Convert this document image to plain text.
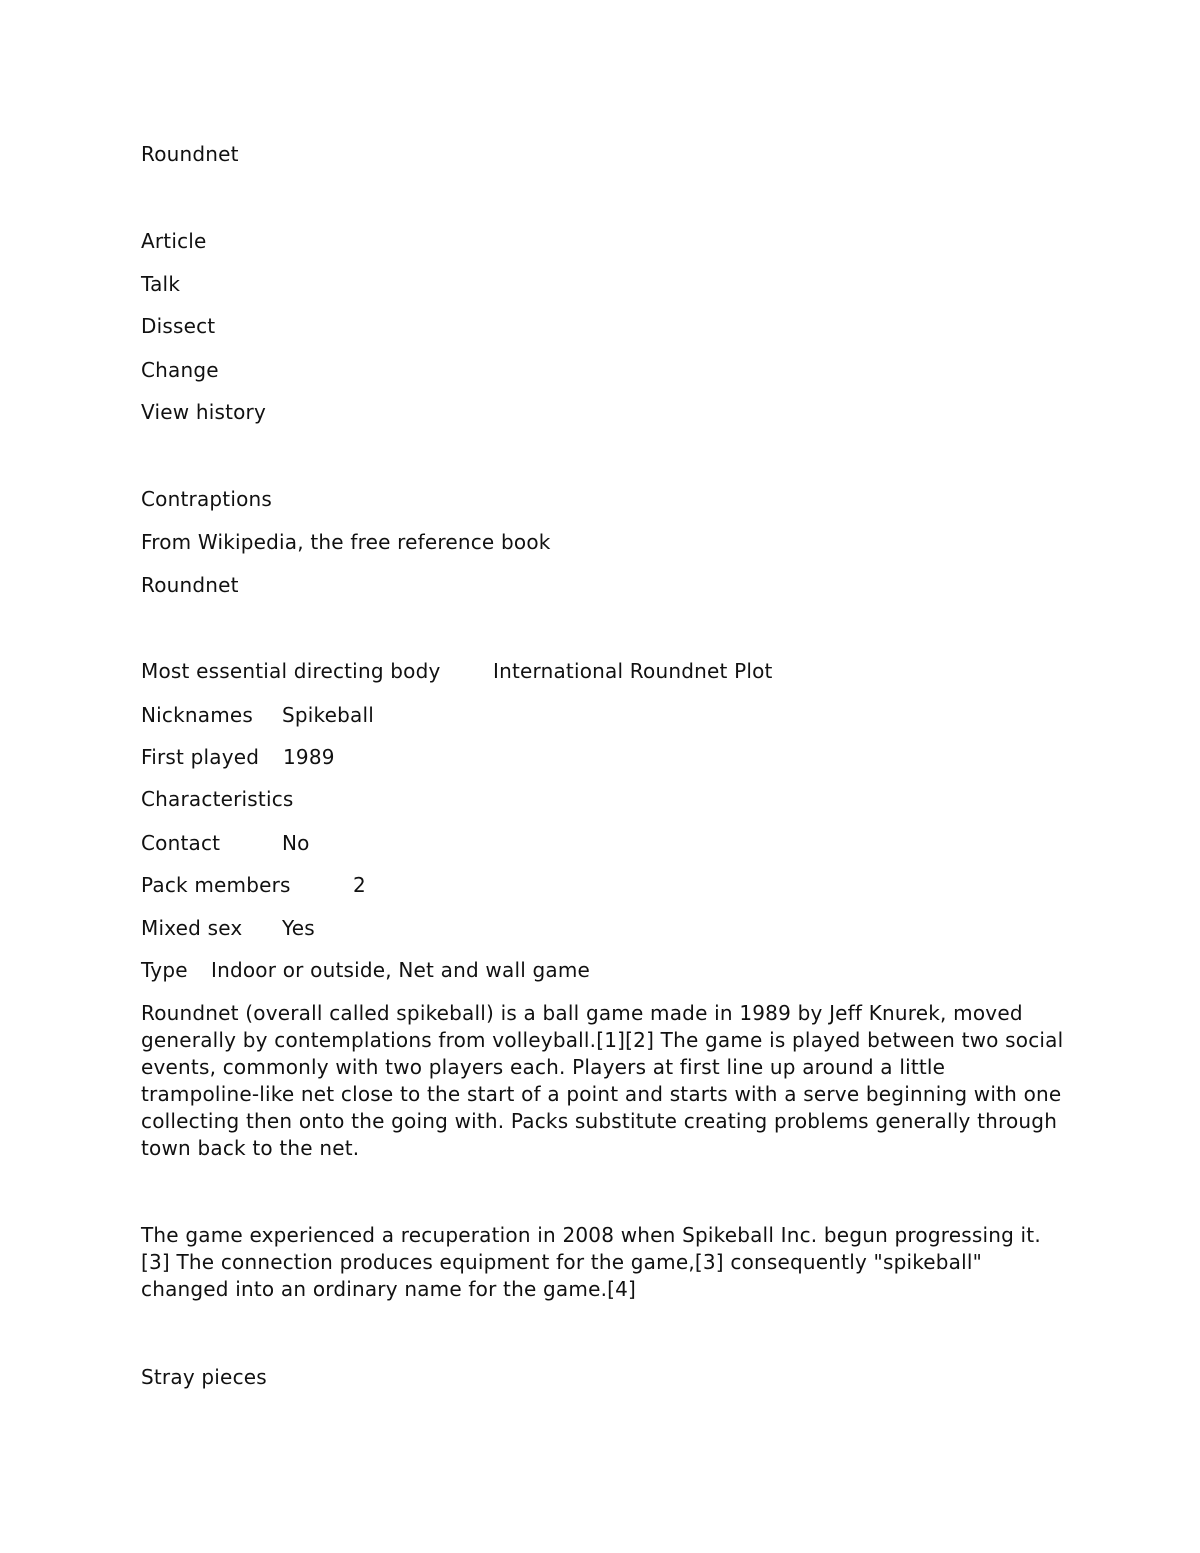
Roundnet
Article
Talk
Dissect
Change
View history
Contraptions
From Wikipedia, the free reference book
Roundnet
Most essential directing body	International Roundnet Plot
Nicknames Spikeball
First played 1989
Characteristics
Contact	No
Pack members	2
Mixed sex Yes
Type Indoor or outside, Net and wall game
Roundnet (overall called spikeball) is a ball game made in 1989 by Jeff Knurek, moved generally by contemplations from volleyball.[1][2] The game is played between two social events, commonly with two players each. Players at first line up around a little trampoline-like net close to the start of a point and starts with a serve beginning with one collecting then onto the going with. Packs substitute creating problems generally through town back to the net.
The game experienced a recuperation in 2008 when Spikeball Inc. begun progressing it.[3] The connection produces equipment for the game,[3] consequently "spikeball" changed into an ordinary name for the game.[4]
Stray pieces
